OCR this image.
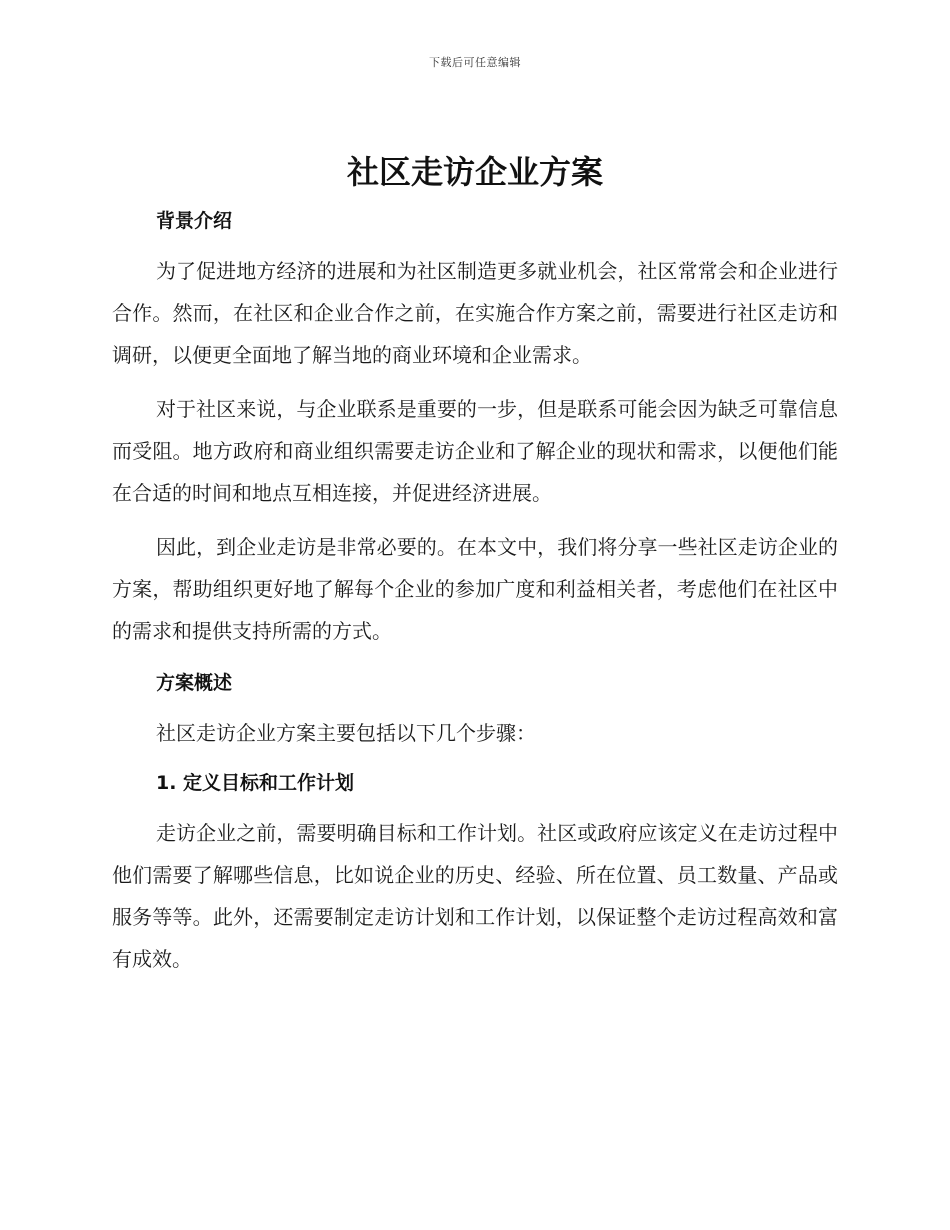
下载后可任意编辑
社区走访企业方案
背景介绍

为了促进地方经济的进展和为社区制造更多就业机会，社区常常会和企业进行合作。然而，在社区和企业合作之前，在实施合作方案之前，需要进行社区走访和调研，以便更全面地了解当地的商业环境和企业需求。

对于社区来说，与企业联系是重要的一步，但是联系可能会因为缺乏可靠信息而受阻。地方政府和商业组织需要走访企业和了解企业的现状和需求，以便他们能在合适的时间和地点互相连接，并促进经济进展。

因此，到企业走访是非常必要的。在本文中，我们将分享一些社区走访企业的方案，帮助组织更好地了解每个企业的参加广度和利益相关者，考虑他们在社区中的需求和提供支持所需的方式。

方案概述

社区走访企业方案主要包括以下几个步骤：

1. 定义目标和工作计划

走访企业之前，需要明确目标和工作计划。社区或政府应该定义在走访过程中他们需要了解哪些信息，比如说企业的历史、经验、所在位置、员工数量、产品或服务等等。此外，还需要制定走访计划和工作计划，以保证整个走访过程高效和富有成效。
